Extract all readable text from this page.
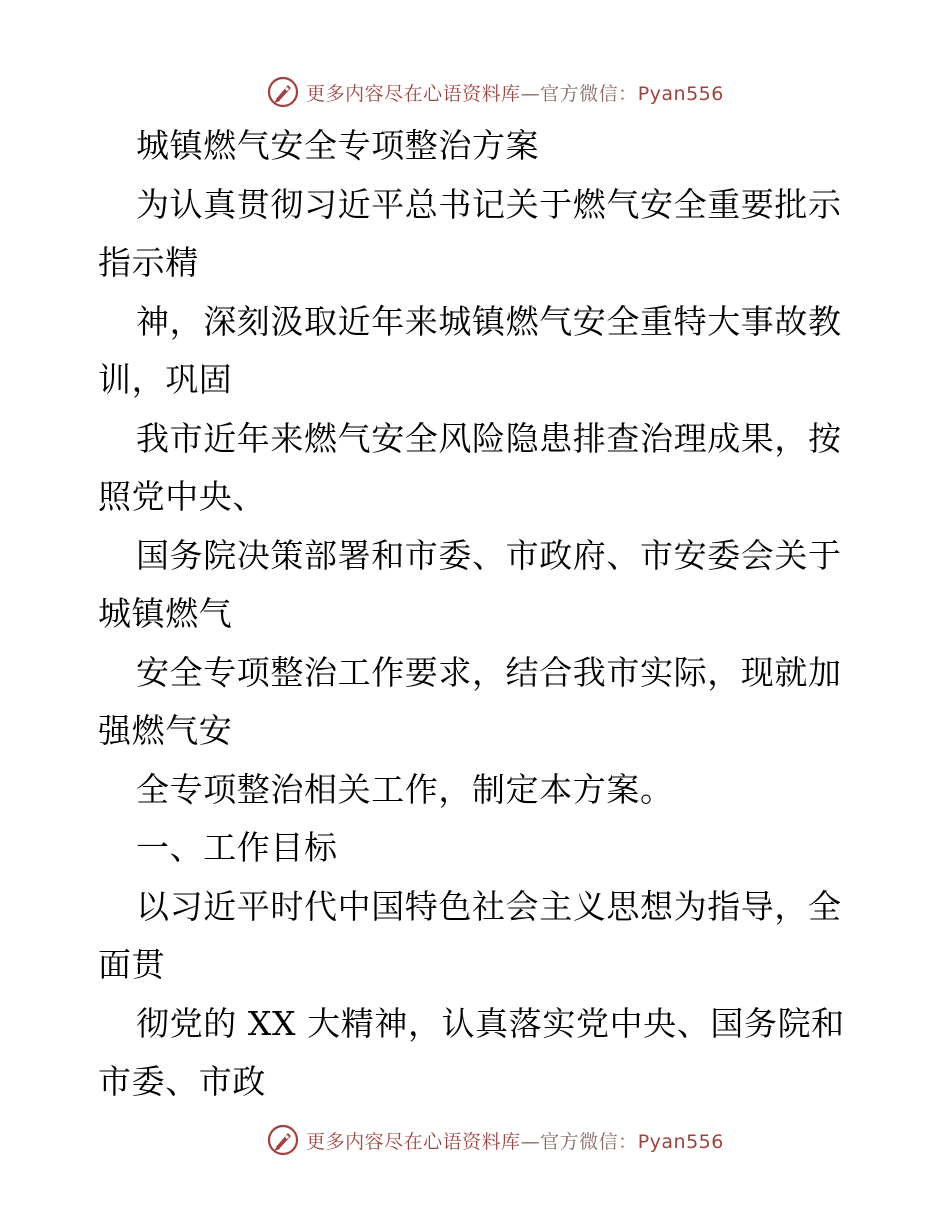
更多内容尽在心语资料库—官方微信：Pyan556
城镇燃气安全专项整治方案
为认真贯彻习近平总书记关于燃气安全重要批示
指示精
神，深刻汲取近年来城镇燃气安全重特大事故教
训，巩固
我市近年来燃气安全风险隐患排查治理成果，按
照党中央、
国务院决策部署和市委、市政府、市安委会关于
城镇燃气
安全专项整治工作要求，结合我市实际，现就加
强燃气安
全专项整治相关工作，制定本方案。
一、工作目标
以习近平时代中国特色社会主义思想为指导，全
面贯
彻党的 XX 大精神，认真落实党中央、国务院和
市委、市政
更多内容尽在心语资料库—官方微信：Pyan556
